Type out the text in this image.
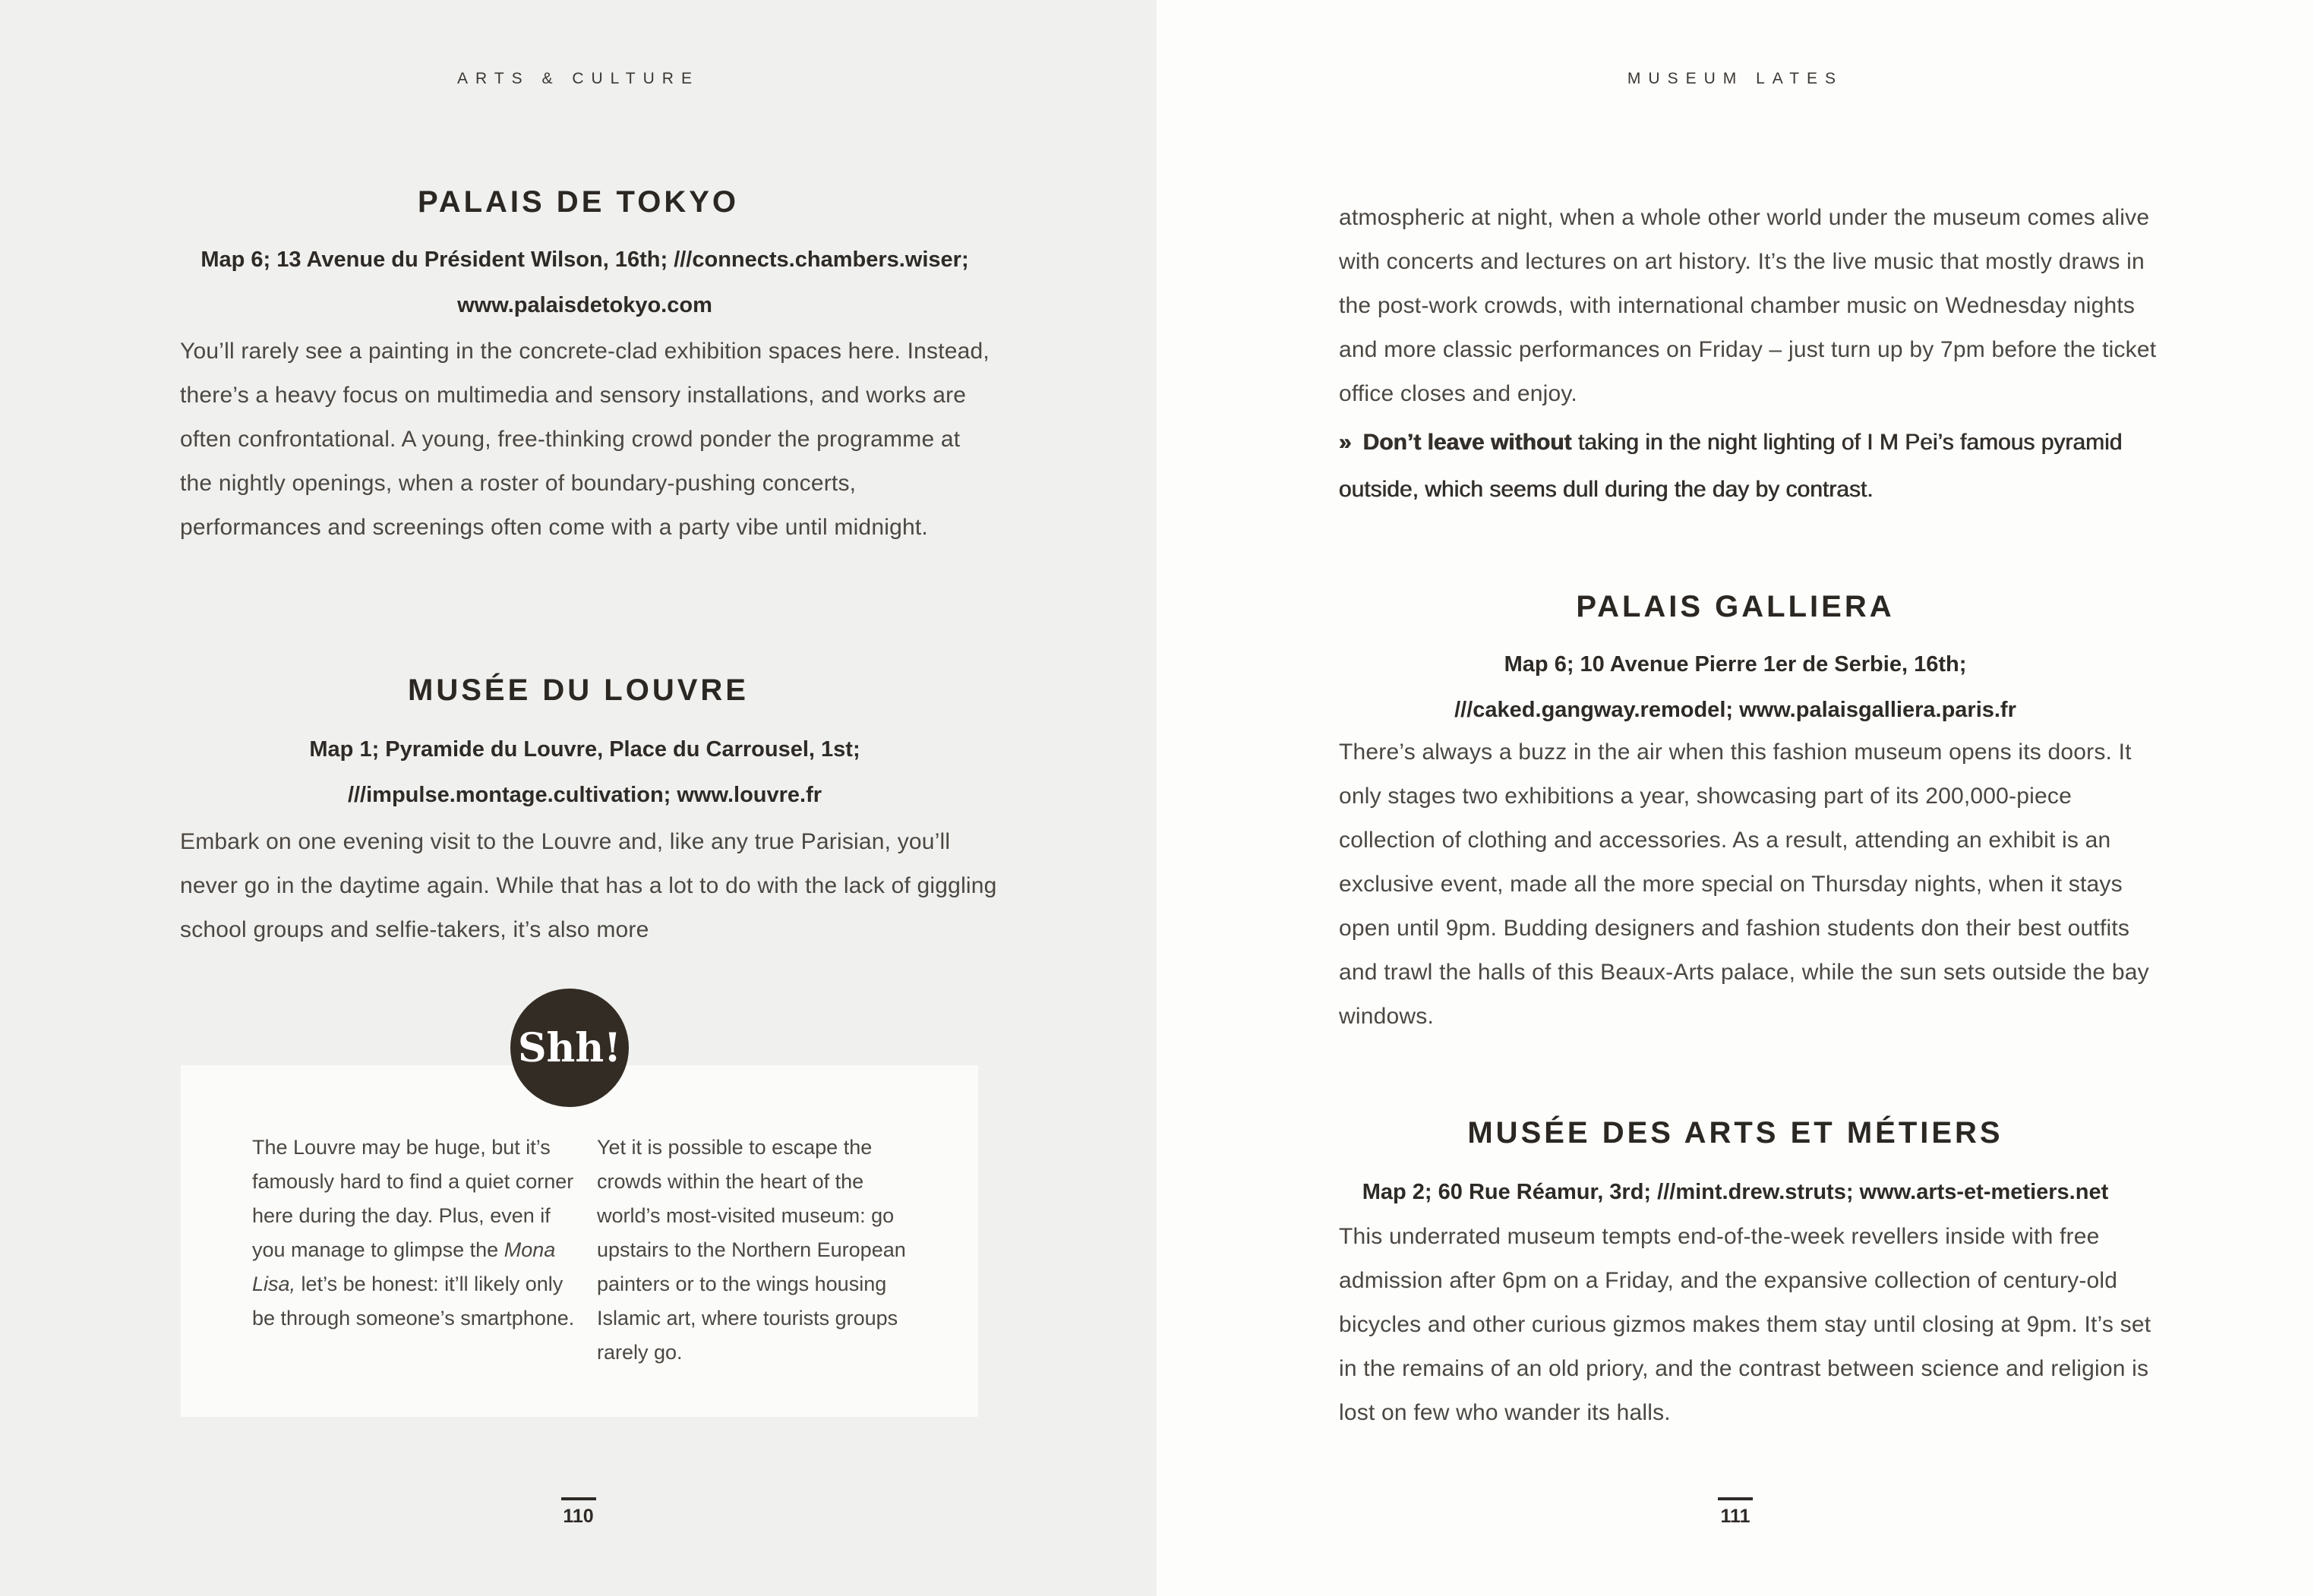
ARTS & CULTURE
PALAIS DE TOKYO
Map 6; 13 Avenue du Président Wilson, 16th; ///connects.chambers.wiser;
www.palaisdetokyo.com
You’ll rarely see a painting in the concrete-clad exhibition spaces here. Instead, there’s a heavy focus on multimedia and sensory installations, and works are often confrontational. A young, free-thinking crowd ponder the programme at the nightly openings, when a roster of boundary-pushing concerts, performances and screenings often come with a party vibe until midnight.
MUSÉE DU LOUVRE
Map 1; Pyramide du Louvre, Place du Carrousel, 1st;
///impulse.montage.cultivation; www.louvre.fr
Embark on one evening visit to the Louvre and, like any true Parisian, you’ll never go in the daytime again. While that has a lot to do with the lack of giggling school groups and selfie-takers, it’s also more
Shh!
The Louvre may be huge, but it’s famously hard to find a quiet corner here during the day. Plus, even if you manage to glimpse the Mona Lisa, let’s be honest: it’ll likely only be through someone’s smartphone.
Yet it is possible to escape the crowds within the heart of the world’s most-visited museum: go upstairs to the Northern European painters or to the wings housing Islamic art, where tourists groups rarely go.
110
MUSEUM LATES
atmospheric at night, when a whole other world under the museum comes alive with concerts and lectures on art history. It’s the live music that mostly draws in the post-work crowds, with international chamber music on Wednesday nights and more classic performances on Friday – just turn up by 7pm before the ticket office closes and enjoy.
» Don’t leave without taking in the night lighting of I M Pei’s famous pyramid outside, which seems dull during the day by contrast.
PALAIS GALLIERA
Map 6; 10 Avenue Pierre 1er de Serbie, 16th;
///caked.gangway.remodel; www.palaisgalliera.paris.fr
There’s always a buzz in the air when this fashion museum opens its doors. It only stages two exhibitions a year, showcasing part of its 200,000-piece collection of clothing and accessories. As a result, attending an exhibit is an exclusive event, made all the more special on Thursday nights, when it stays open until 9pm. Budding designers and fashion students don their best outfits and trawl the halls of this Beaux-Arts palace, while the sun sets outside the bay windows.
MUSÉE DES ARTS ET MÉTIERS
Map 2; 60 Rue Réamur, 3rd; ///mint.drew.struts; www.arts-et-metiers.net
This underrated museum tempts end-of-the-week revellers inside with free admission after 6pm on a Friday, and the expansive collection of century-old bicycles and other curious gizmos makes them stay until closing at 9pm. It’s set in the remains of an old priory, and the contrast between science and religion is lost on few who wander its halls.
111
